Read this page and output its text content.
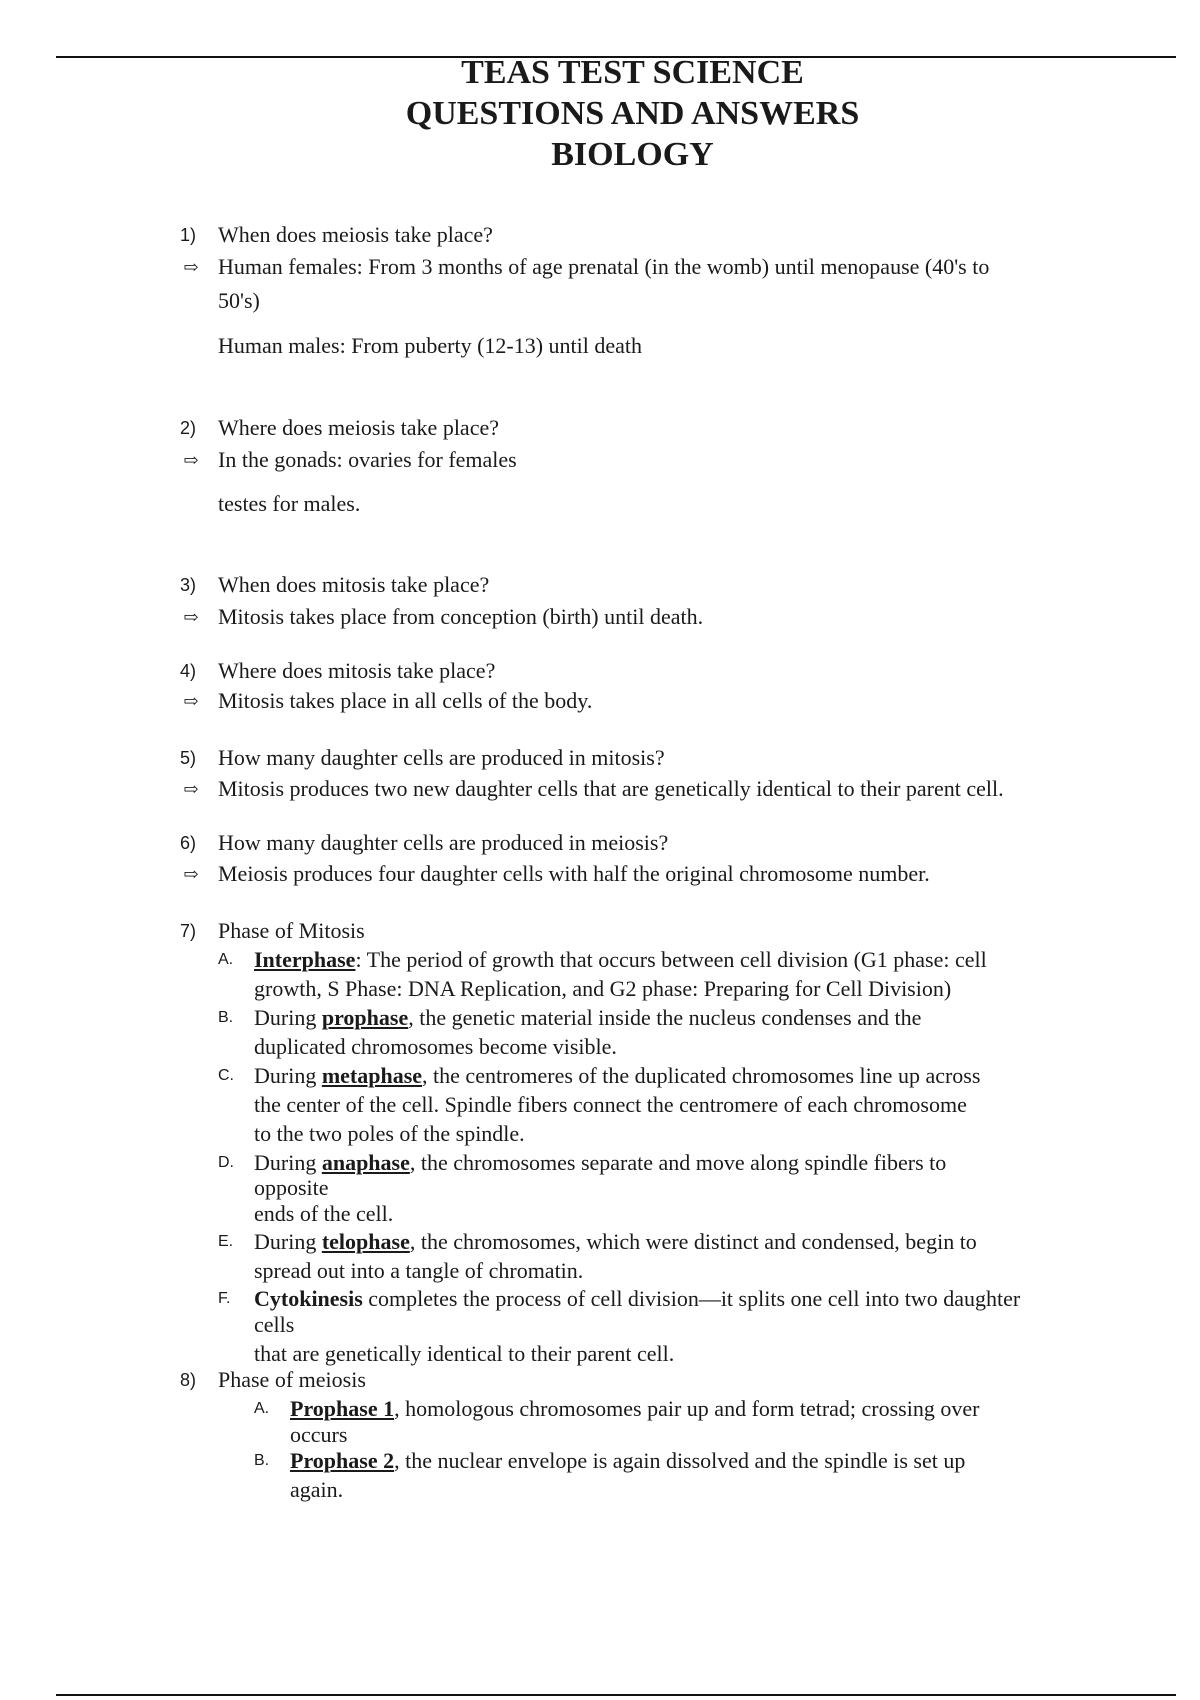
TEAS TEST SCIENCE
QUESTIONS AND ANSWERS
BIOLOGY
1) When does meiosis take place?
⇨ Human females: From 3 months of age prenatal (in the womb) until menopause (40's to
50's)
Human males: From puberty (12-13) until death
2) Where does meiosis take place?
⇨ In the gonads: ovaries for females
testes for males.
3) When does mitosis take place?
⇨ Mitosis takes place from conception (birth) until death.
4) Where does mitosis take place?
⇨ Mitosis takes place in all cells of the body.
5) How many daughter cells are produced in mitosis?
⇨ Mitosis produces two new daughter cells that are genetically identical to their parent cell.
6) How many daughter cells are produced in meiosis?
⇨ Meiosis produces four daughter cells with half the original chromosome number.
7) Phase of Mitosis
A. Interphase: The period of growth that occurs between cell division (G1 phase: cell
growth, S Phase: DNA Replication, and G2 phase: Preparing for Cell Division)
B. During prophase, the genetic material inside the nucleus condenses and the
duplicated chromosomes become visible.
C. During metaphase, the centromeres of the duplicated chromosomes line up across
the center of the cell. Spindle fibers connect the centromere of each chromosome
to the two poles of the spindle.
D. During anaphase, the chromosomes separate and move along spindle fibers to
opposite
ends of the cell.
E. During telophase, the chromosomes, which were distinct and condensed, begin to
spread out into a tangle of chromatin.
F.	Cytokinesis completes the process of cell division—it splits one cell into two daughter
cells
that are genetically identical to their parent cell.
8) Phase of meiosis
A. Prophase 1, homologous chromosomes pair up and form tetrad; crossing over
occurs
B. Prophase 2, the nuclear envelope is again dissolved and the spindle is set up
again.
